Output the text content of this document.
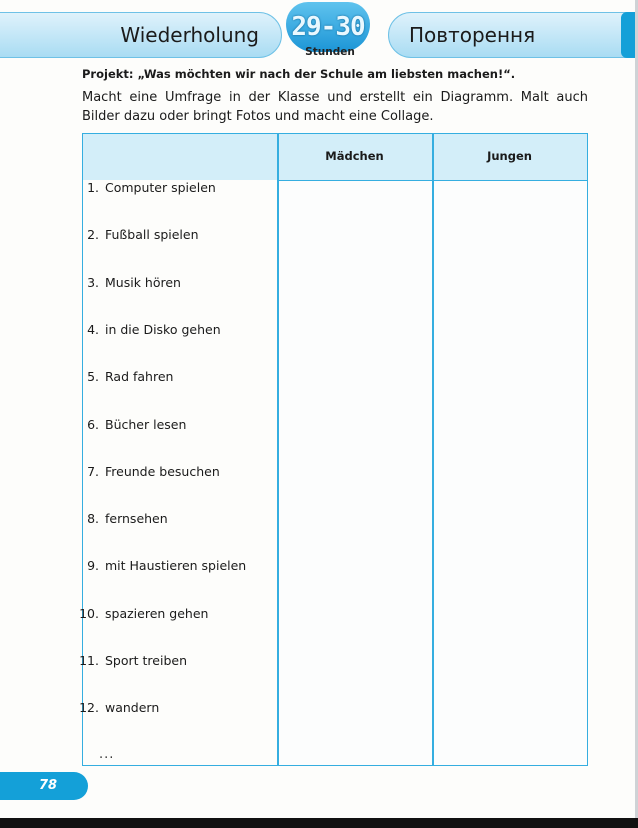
Wiederholung	29-30
Stunden
Повторення
Projekt: „Was möchten wir nach der Schule am liebsten machen!“.
Macht eine Umfrage in der Klasse und erstellt ein Diagramm. Malt auch Bilder dazu oder bringt Fotos und macht eine Collage.
Mädchen	Jungen
1. Computer spielen
2. Fußball spielen
3. Musik hören
4. in die Disko gehen
5. Rad fahren
6. Bücher lesen
7. Freunde besuchen
8. fernsehen
9. mit Haustieren spielen
10. spazieren gehen
11. Sport treiben
12. wandern
...
78
